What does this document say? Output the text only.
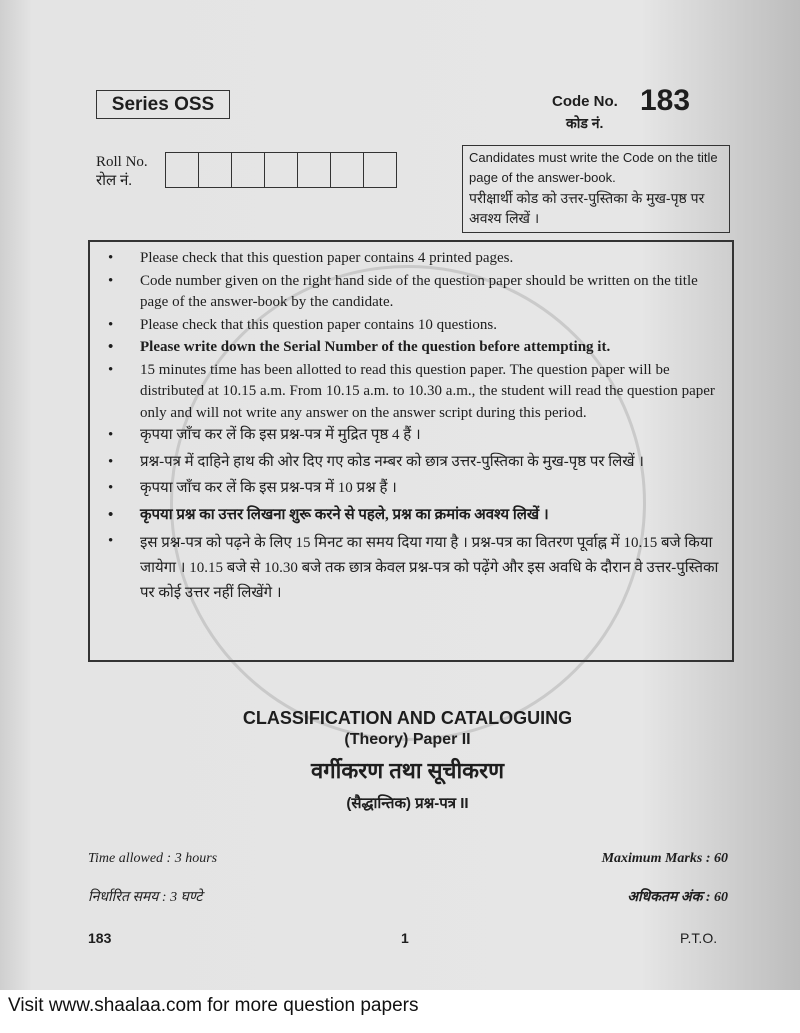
Series OSS	Code No.
कोड नं.
183
Roll No.
रोल नं.
Candidates must write the Code on the title page of the answer-book.
परीक्षार्थी कोड को उत्तर-पुस्तिका के मुख-पृष्ठ पर अवश्य लिखें ।
•	Please check that this question paper contains 4 printed pages.
•	Code number given on the right hand side of the question paper should be written on the title page of the answer-book by the candidate.
•	Please check that this question paper contains 10 questions.
•	Please write down the Serial Number of the question before attempting it.
•	15 minutes time has been allotted to read this question paper. The question paper will be distributed at 10.15 a.m. From 10.15 a.m. to 10.30 a.m., the student will read the question paper only and will not write any answer on the answer script during this period.
•	कृपया जाँच कर लें कि इस प्रश्न-पत्र में मुद्रित पृष्ठ 4 हैं ।
•	प्रश्न-पत्र में दाहिने हाथ की ओर दिए गए कोड नम्बर को छात्र उत्तर-पुस्तिका के मुख-पृष्ठ पर लिखें ।
•	कृपया जाँच कर लें कि इस प्रश्न-पत्र में 10 प्रश्न हैं ।
•	कृपया प्रश्न का उत्तर लिखना शुरू करने से पहले, प्रश्न का क्रमांक अवश्य लिखें ।
•	इस प्रश्न-पत्र को पढ़ने के लिए 15 मिनट का समय दिया गया है । प्रश्न-पत्र का वितरण पूर्वाह्न में 10.15 बजे किया जायेगा । 10.15 बजे से 10.30 बजे तक छात्र केवल प्रश्न-पत्र को पढ़ेंगे और इस अवधि के दौरान वे उत्तर-पुस्तिका पर कोई उत्तर नहीं लिखेंगे ।
CLASSIFICATION AND CATALOGUING
(Theory) Paper II
वर्गीकरण तथा सूचीकरण
(सैद्धान्तिक) प्रश्न-पत्र II
Time allowed : 3 hours
निर्धारित समय : 3 घण्टे
Maximum Marks : 60
अधिकतम अंक : 60
183	1	P.T.O.
Visit www.shaalaa.com for more question papers
